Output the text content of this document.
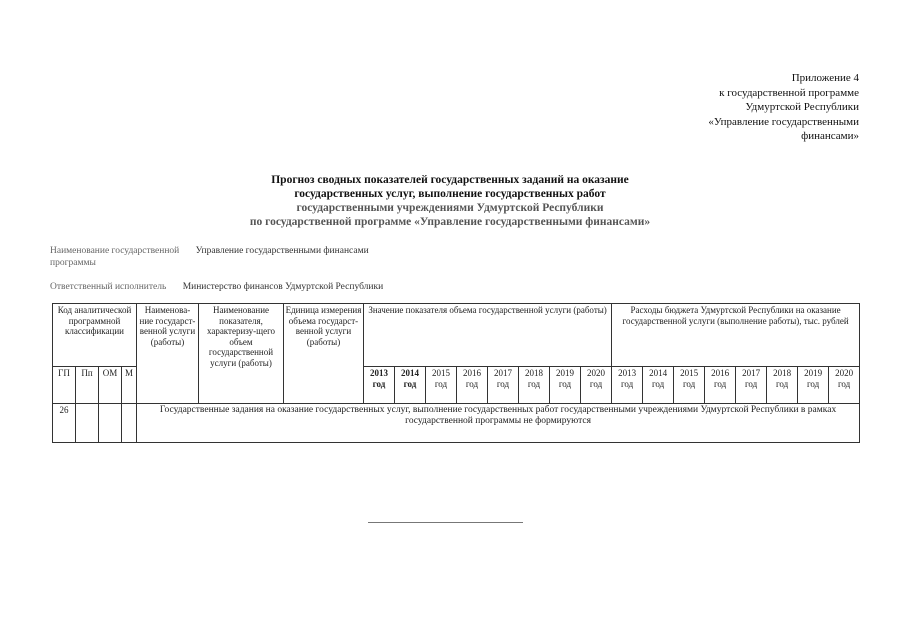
Приложение 4
к государственной программе
Удмуртской Республики
«Управление государственными
финансами»
Прогноз сводных показателей государственных заданий на оказание
государственных услуг, выполнение государственных работ
государственными учреждениями Удмуртской Республики
по государственной программе «Управление государственными финансами»
Наименование государственной Управление государственными финансами
программы
Ответственный исполнитель Министерство финансов Удмуртской Республики
Код аналитической программной классификации				Наименова-ние государст-венной услуги (работы)	Наименование показателя, характеризу-щего объем государственной услуги (работы)	Единица измерения объема государст-венной услуги (работы)	Значение показателя объема государственной услуги (работы)								Расходы бюджета Удмуртской Республики на оказание государственной услуги (выполнение работы), тыс. рублей							
ГП	Пп	ОМ	М				2013 год	2014 год	2015 год	2016 год	2017 год	2018 год	2019 год	2020 год	2013 год	2014 год	2015 год	2016 год	2017 год	2018 год	2019 год	2020 год
26				Государственные задания на оказание государственных услуг, выполнение государственных работ государственными учреждениями Удмуртской Республики в рамках государственной программы не формируются																		
